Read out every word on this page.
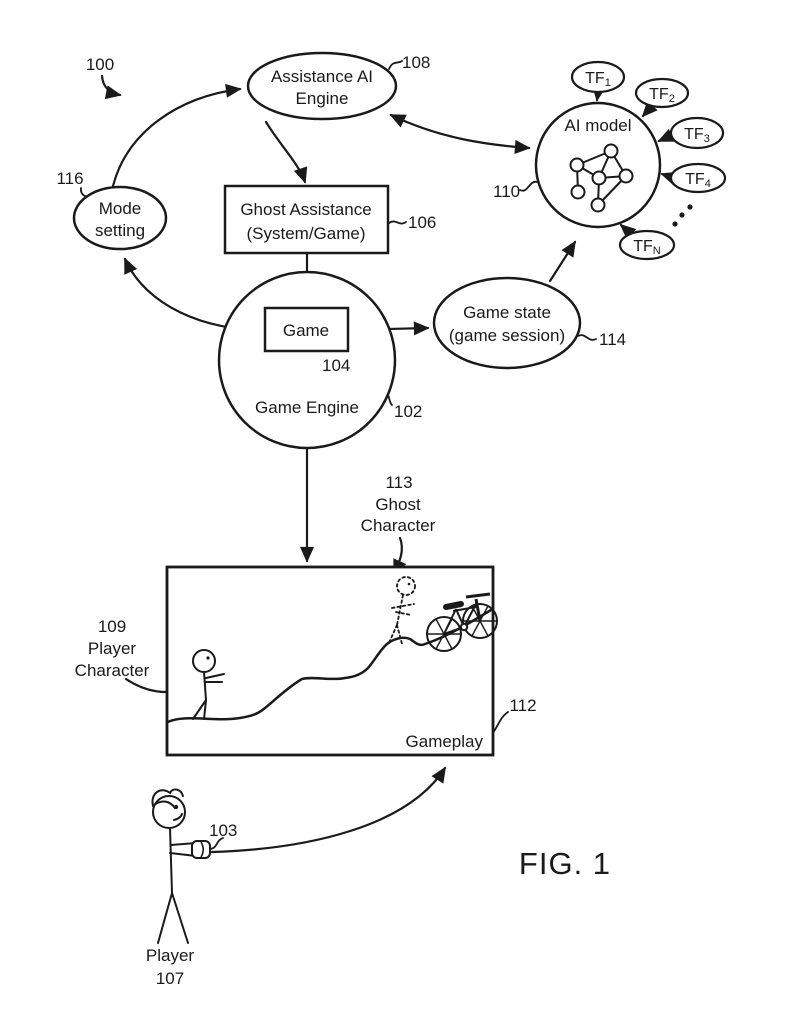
Assistance AI
Engine
108
Mode
setting
116
100
Ghost Assistance
(System/Game)
106
Game
104
Game Engine 102
Game state
(game session) 114
AI model
110
TF1
TF2
TF3
TF4
TFN
Gameplay
112
113
Ghost
Character
109
Player
Character
103
Player
107
FIG. 1
